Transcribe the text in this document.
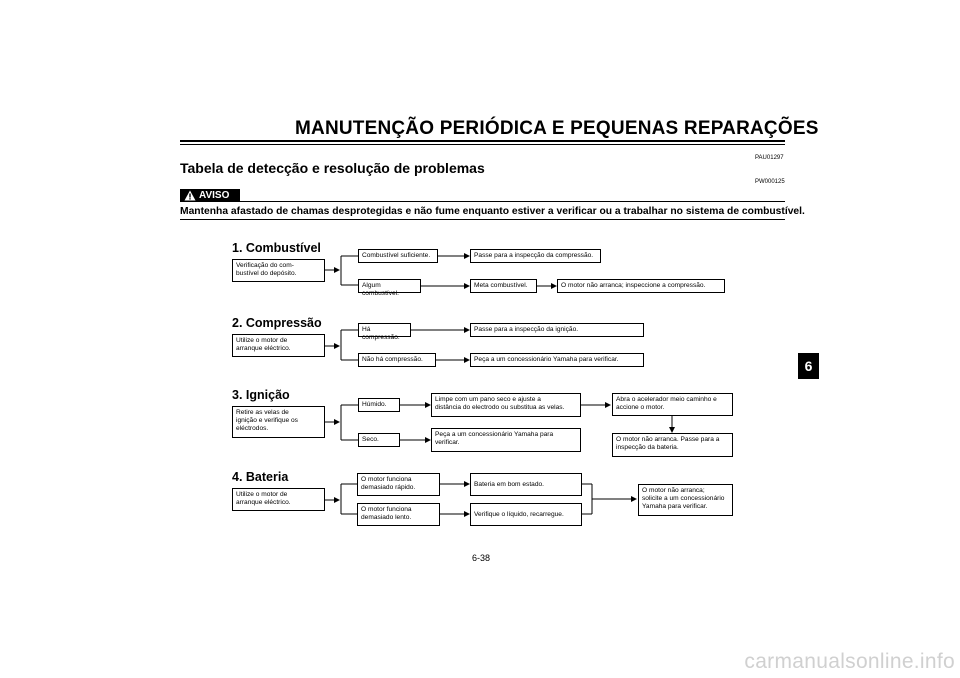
MANUTENÇÃO PERIÓDICA E PEQUENAS REPARAÇÕES
PAU01297
Tabela de detecção e resolução de problemas
PW000125
AVISO
Mantenha afastado de chamas desprotegidas e não fume enquanto estiver a verificar ou a trabalhar no sistema de combustível.
6
1. Combustível
Verificação do com-
bustível do depósito.
Combustível suficiente.	Passe para a inspecção da compressão.
Algum combustível.
Meta combustível.	O motor não arranca; inspeccione a compressão.
2. Compressão
Utilize o motor de
arranque eléctrico.
Há compressão.
Passe para a inspecção da ignição.
Não há compressão.	Peça a um concessionário Yamaha para verificar.
3. Ignição
Retire as velas de
ignição e verifique os
eléctrodos.
Húmido.
Limpe com um pano seco e ajuste a
distância do electrodo ou substitua as velas.
Abra o acelerador meio caminho e
accione o motor.
O motor não arranca. Passe para a
inspecção da bateria.
Seco.
Peça a um concessionário Yamaha para
verificar.
4. Bateria
Utilize o motor de
arranque eléctrico.
O motor funciona
demasiado rápido.	Bateria em bom estado.
O motor funciona
demasiado lento.	Verifique o líquido, recarregue.
O motor não arranca;
solicite a um concessionário
Yamaha para verificar.
6-38
carmanualsonline.info
